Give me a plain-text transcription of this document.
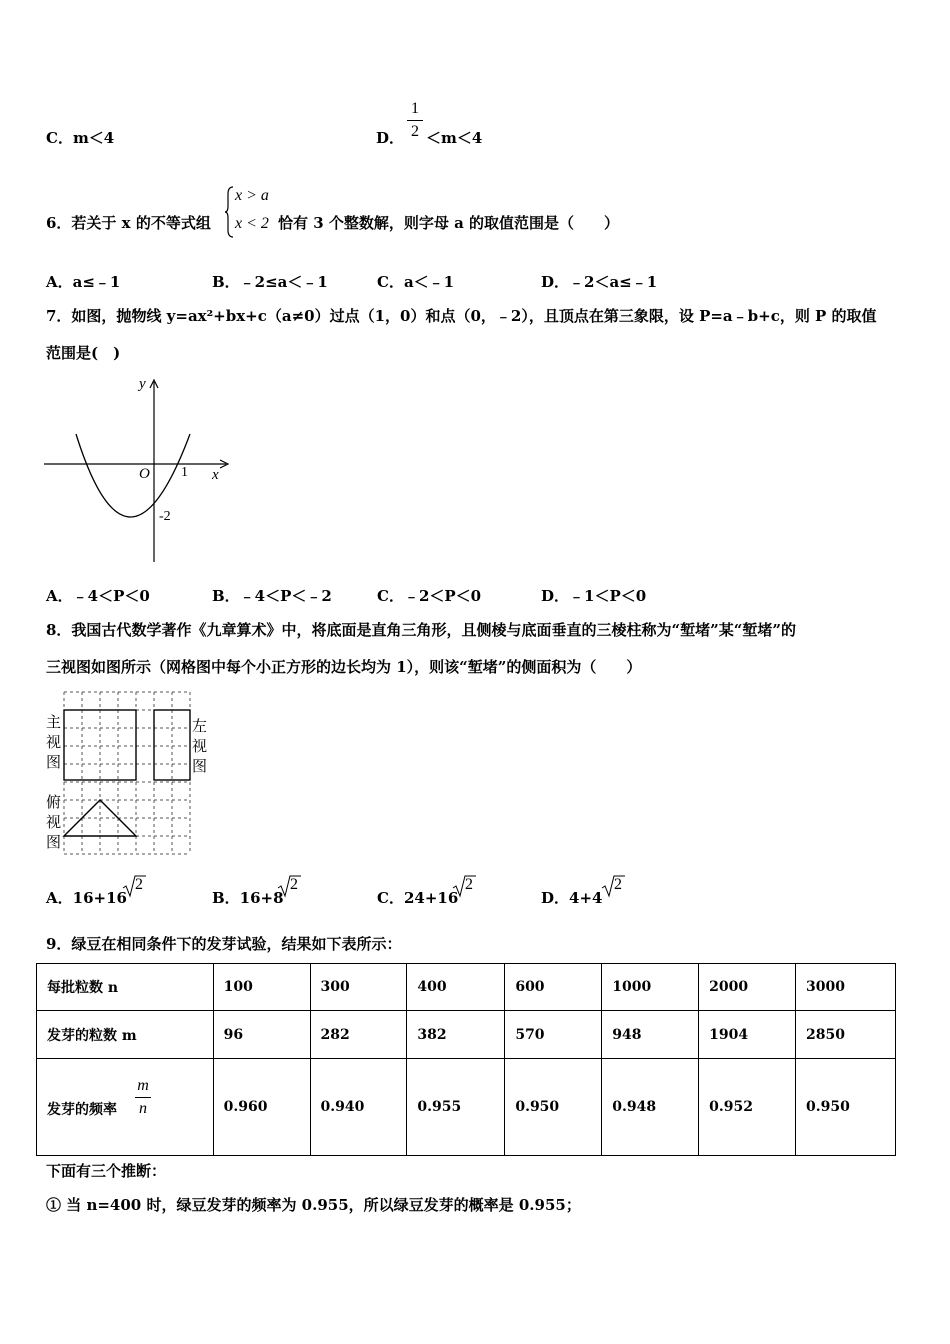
C．m＜4	D．
1
2 ＜m＜4
6．若关于 x 的不等式组
x > a
x < 2 恰有 3 个整数解，则字母 a 的取值范围是（　　）
A．a≤﹣1	B．﹣2≤a＜﹣1	C．a＜﹣1	D．﹣2＜a≤﹣1
7．如图，抛物线 y=ax²+bx+c（a≠0）过点（1，0）和点（0，﹣2），且顶点在第三象限，设 P=a﹣b+c，则 P 的取值
范围是(　)
y
x
O 1
-2
A．﹣4＜P＜0	B．﹣4＜P＜﹣2	C．﹣2＜P＜0	D．﹣1＜P＜0
8．我国古代数学著作《九章算术》中，将底面是直角三角形，且侧棱与底面垂直的三棱柱称为“堑堵”某“堑堵”的
三视图如图所示（网格图中每个小正方形的边长均为 1），则该“堑堵”的侧面积为（　　）
主
视
图
左
视
图
俯
视
图
A．16+16
2
B．16+8
2
C．24+16
2
D．4+4
2
9．绿豆在相同条件下的发芽试验，结果如下表所示：
每批粒数 n	100	300	400	600	1000	2000	3000
发芽的粒数 m	96	282	382	570	948	1904	2850

发芽的频率
m
n	0.960	0.940	0.955	0.950	0.948	0.952	0.950
下面有三个推断：
① 当 n=400 时，绿豆发芽的频率为 0.955，所以绿豆发芽的概率是 0.955；
